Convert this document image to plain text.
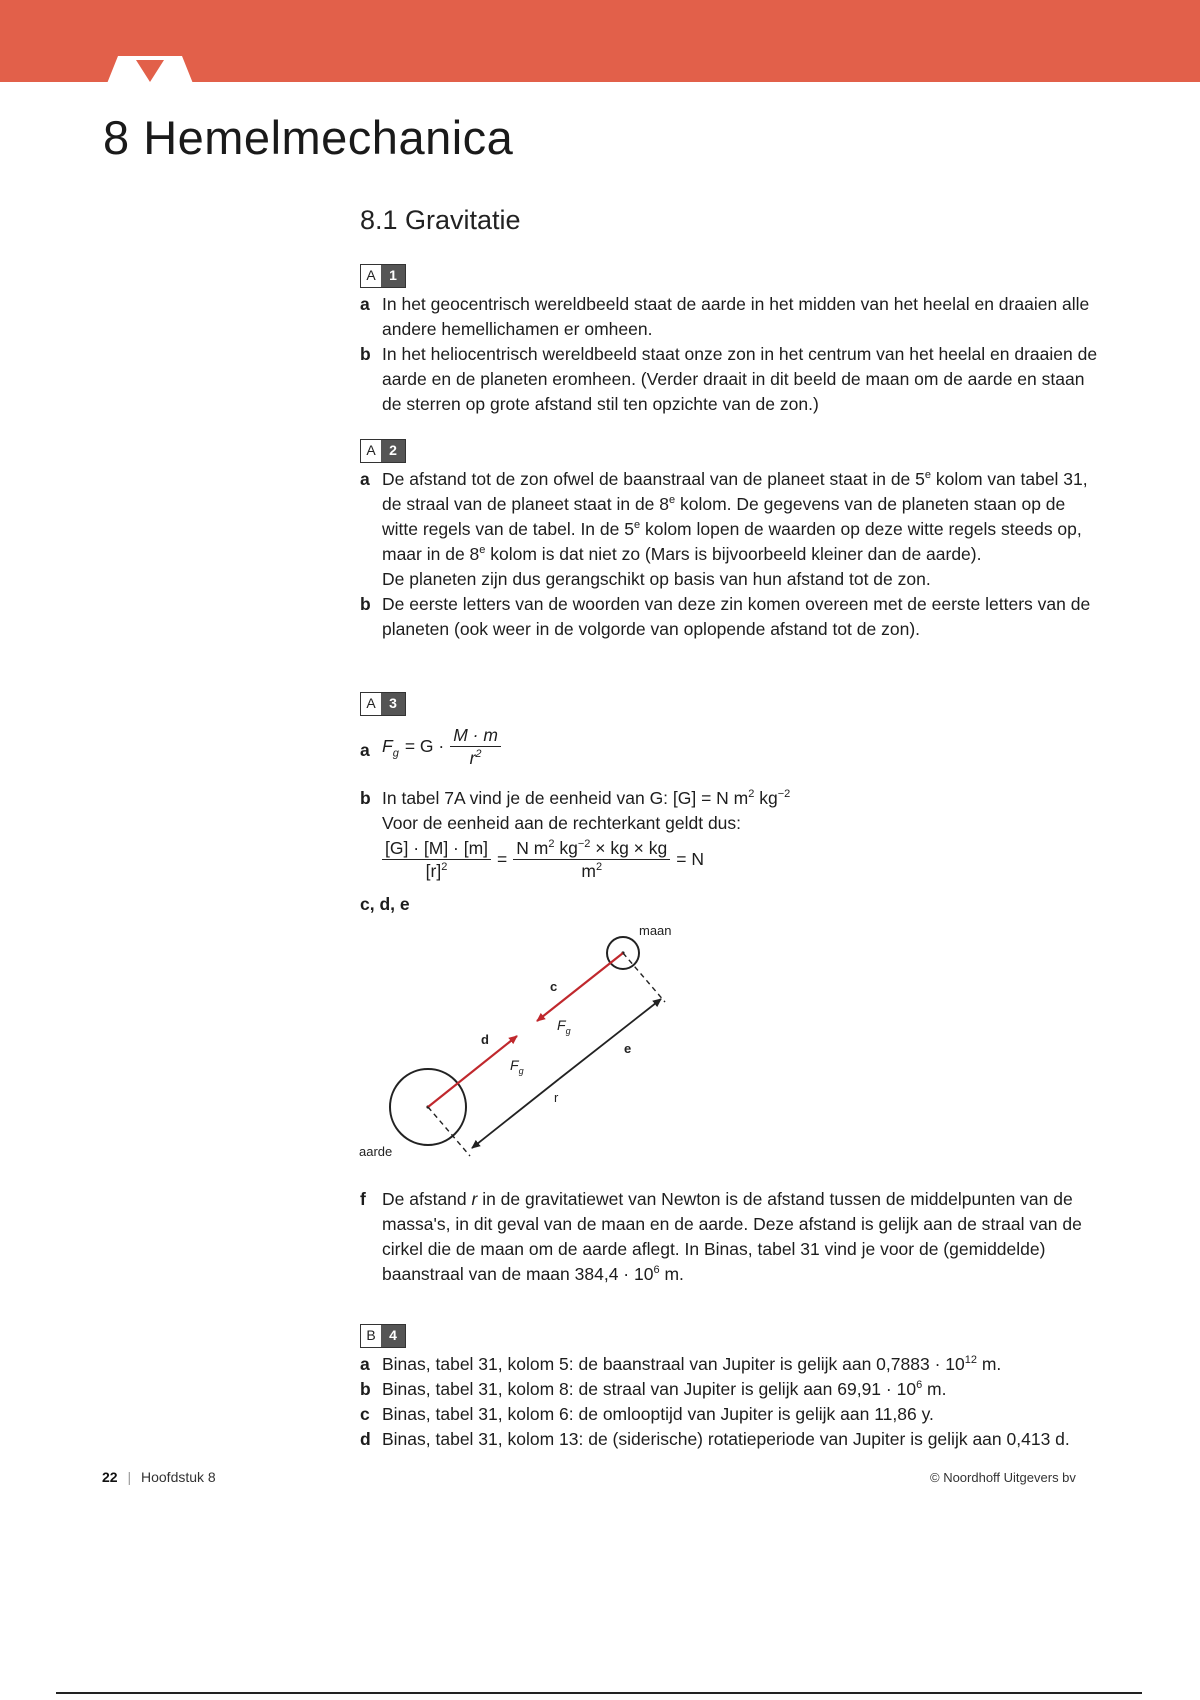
8 Hemelmechanica
8.1 Gravitatie
A 1
a In het geocentrisch wereldbeeld staat de aarde in het midden van het heelal en draaien alle andere hemellichamen er omheen.

b In het heliocentrisch wereldbeeld staat onze zon in het centrum van het heelal en draaien de aarde en de planeten eromheen. (Verder draait in dit beeld de maan om de aarde en staan de sterren op grote afstand stil ten opzichte van de zon.)

A 2
a De afstand tot de zon ofwel de baanstraal van de planeet staat in de 5e kolom van tabel 31, de straal van de planeet staat in de 8e kolom. De gegevens van de planeten staan op de witte regels van de tabel. In de 5e kolom lopen de waarden op deze witte regels steeds op, maar in de 8e kolom is dat niet zo (Mars is bijvoorbeeld kleiner dan de aarde).

De planeten zijn dus gerangschikt op basis van hun afstand tot de zon.

b De eerste letters van de woorden van deze zin komen overeen met de eerste letters van de planeten (ook weer in de volgorde van oplopende afstand tot de zon).

A 3
a $F_g = G \cdot \frac{M \cdot m}{r^2}$
b In tabel 7A vind je de eenheid van G: [G] = N $m^2$ $kg^{-2}$

Voor de eenheid aan de rechterkant geldt dus:

$\frac{[G] \cdot [M] \cdot [m]}{[r]^2} = \frac{N m^2 kg^{-2} \times kg \times kg}{m^2} = N$
c, d, e
maan
aarde
c
d
e
r
$F_g$
$F_g$
f De afstand r in de gravitatiewet van Newton is de afstand tussen de middelpunten van de massa's, in dit geval van de maan en de aarde. Deze afstand is gelijk aan de straal van de cirkel die de maan om de aarde aflegt. In Binas, tabel 31 vind je voor de (gemiddelde) baanstraal van de maan $384,4 \cdot 10^6$ m.

B 4
a Binas, tabel 31, kolom 5: de baanstraal van Jupiter is gelijk aan $0,7883 \cdot 10^{12}$ m.

b Binas, tabel 31, kolom 8: de straal van Jupiter is gelijk aan $69,91 \cdot 10^6$ m.

c Binas, tabel 31, kolom 6: de omlooptijd van Jupiter is gelijk aan 11,86 y.

d Binas, tabel 31, kolom 13: de (siderische) rotatieperiode van Jupiter is gelijk aan 0,413 d.

22 | Hoofdstuk 8	© Noordhoff Uitgevers bv
